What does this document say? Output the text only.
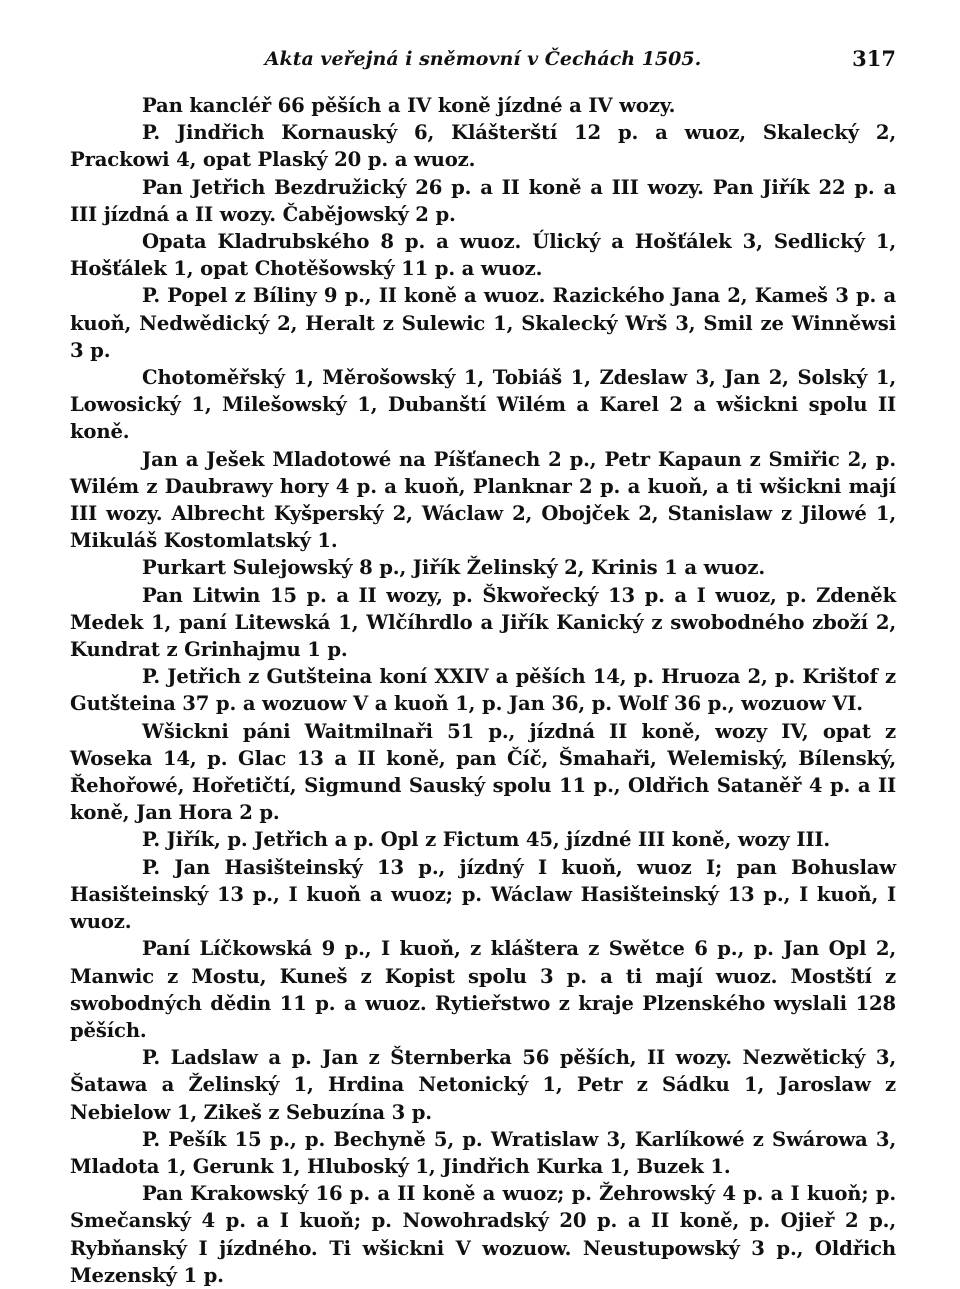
Akta veřejná i sněmovní v Čechách 1505.	317

Pan kancléř 66 pěších a IV koně jízdné a IV wozy.

P. Jindřich Kornauský 6, Klášterští 12 p. a wuoz, Skalecký 2, Prackowi 4, opat Plaský 20 p. a wuoz.

Pan Jetřich Bezdružický 26 p. a II koně a III wozy. Pan Jiřík 22 p. a III jízdná a II wozy. Čabějowský 2 p.

Opata Kladrubského 8 p. a wuoz. Úlický a Hošťálek 3, Sedlický 1, Hošťálek 1, opat Chotěšowský 11 p. a wuoz.

P. Popel z Bíliny 9 p., II koně a wuoz. Razického Jana 2, Kameš 3 p. a kuoň, Nedwědický 2, Heralt z Sulewic 1, Skalecký Wrš 3, Smil ze Winněwsi 3 p.

Chotoměřský 1, Měrošowský 1, Tobiáš 1, Zdeslaw 3, Jan 2, Solský 1, Lowosický 1, Milešowský 1, Dubanští Wilém a Karel 2 a wšickni spolu II koně.

Jan a Ješek Mladotowé na Píšťanech 2 p., Petr Kapaun z Smiřic 2, p. Wilém z Daubrawy hory 4 p. a kuoň, Planknar 2 p. a kuoň, a ti wšickni mají III wozy. Albrecht Kyšperský 2, Wáclaw 2, Obojček 2, Stanislaw z Jilowé 1, Mikuláš Kostomlatský 1.

Purkart Sulejowský 8 p., Jiřík Želinský 2, Krinis 1 a wuoz.

Pan Litwin 15 p. a II wozy, p. Škwořecký 13 p. a I wuoz, p. Zdeněk Medek 1, paní Litewská 1, Wlčíhrdlo a Jiřík Kanický z swobodného zboží 2, Kundrat z Grinhajmu 1 p.

P. Jetřich z Gutšteina koní XXIV a pěších 14, p. Hruoza 2, p. Krištof z Gutšteina 37 p. a wozuow V a kuoň 1, p. Jan 36, p. Wolf 36 p., wozuow VI.

Wšickni páni Waitmilnaři 51 p., jízdná II koně, wozy IV, opat z Woseka 14, p. Glac 13 a II koně, pan Číč, Šmahaři, Welemiský, Bílenský, Řehořowé, Hořetičtí, Sigmund Sauský spolu 11 p., Oldřich Sataněř 4 p. a II koně, Jan Hora 2 p.

P. Jiřík, p. Jetřich a p. Opl z Fictum 45, jízdné III koně, wozy III.

P. Jan Hasišteinský 13 p., jízdný I kuoň, wuoz I; pan Bohuslaw Hasišteinský 13 p., I kuoň a wuoz; p. Wáclaw Hasišteinský 13 p., I kuoň, I wuoz.

Paní Líčkowská 9 p., I kuoň, z kláštera z Swětce 6 p., p. Jan Opl 2, Manwic z Mostu, Kuneš z Kopist spolu 3 p. a ti mají wuoz. Mostští z swobodných dědin 11 p. a wuoz. Rytieřstwo z kraje Plzenského wyslali 128 pěších.

P. Ladslaw a p. Jan z Šternberka 56 pěších, II wozy. Nezwětický 3, Šatawa a Želinský 1, Hrdina Netonický 1, Petr z Sádku 1, Jaroslaw z Nebielow 1, Zikeš z Sebuzína 3 p.

P. Pešík 15 p., p. Bechyně 5, p. Wratislaw 3, Karlíkowé z Swárowa 3, Mladota 1, Gerunk 1, Hluboský 1, Jindřich Kurka 1, Buzek 1.

Pan Krakowský 16 p. a II koně a wuoz; p. Žehrowský 4 p. a I kuoň; p. Smečanský 4 p. a I kuoň; p. Nowohradský 20 p. a II koně, p. Ojieř 2 p., Rybňanský I jízdného. Ti wšickni V wozuow. Neustupowský 3 p., Oldřich Mezenský 1 p.
